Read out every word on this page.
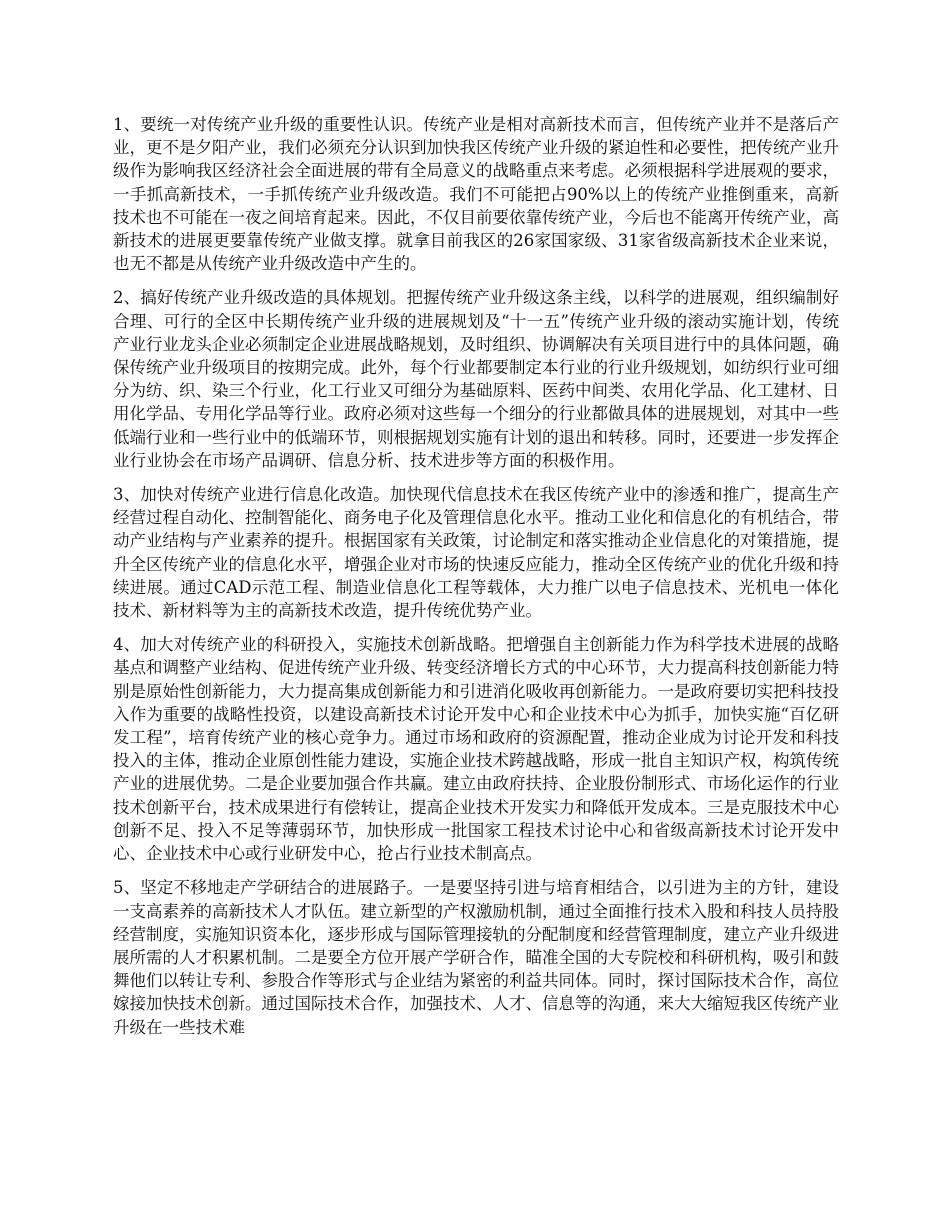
1、要统一对传统产业升级的重要性认识。传统产业是相对高新技术而言，但传统产业并不是落后产业，更不是夕阳产业，我们必须充分认识到加快我区传统产业升级的紧迫性和必要性，把传统产业升级作为影响我区经济社会全面进展的带有全局意义的战略重点来考虑。必须根据科学进展观的要求，一手抓高新技术，一手抓传统产业升级改造。我们不可能把占90%以上的传统产业推倒重来，高新技术也不可能在一夜之间培育起来。因此，不仅目前要依靠传统产业，今后也不能离开传统产业，高新技术的进展更要靠传统产业做支撑。就拿目前我区的26家国家级、31家省级高新技术企业来说，也无不都是从传统产业升级改造中产生的。

2、搞好传统产业升级改造的具体规划。把握传统产业升级这条主线，以科学的进展观，组织编制好合理、可行的全区中长期传统产业升级的进展规划及“十一五”传统产业升级的滚动实施计划，传统产业行业龙头企业必须制定企业进展战略规划，及时组织、协调解决有关项目进行中的具体问题，确保传统产业升级项目的按期完成。此外，每个行业都要制定本行业的行业升级规划，如纺织行业可细分为纺、织、染三个行业，化工行业又可细分为基础原料、医药中间类、农用化学品、化工建材、日用化学品、专用化学品等行业。政府必须对这些每一个细分的行业都做具体的进展规划，对其中一些低端行业和一些行业中的低端环节，则根据规划实施有计划的退出和转移。同时，还要进一步发挥企业行业协会在市场产品调研、信息分析、技术进步等方面的积极作用。

3、加快对传统产业进行信息化改造。加快现代信息技术在我区传统产业中的渗透和推广，提高生产经营过程自动化、控制智能化、商务电子化及管理信息化水平。推动工业化和信息化的有机结合，带动产业结构与产业素养的提升。根据国家有关政策，讨论制定和落实推动企业信息化的对策措施，提升全区传统产业的信息化水平，增强企业对市场的快速反应能力，推动全区传统产业的优化升级和持续进展。通过CAD示范工程、制造业信息化工程等载体，大力推广以电子信息技术、光机电一体化技术、新材料等为主的高新技术改造，提升传统优势产业。

4、加大对传统产业的科研投入，实施技术创新战略。把增强自主创新能力作为科学技术进展的战略基点和调整产业结构、促进传统产业升级、转变经济增长方式的中心环节，大力提高科技创新能力特别是原始性创新能力，大力提高集成创新能力和引进消化吸收再创新能力。一是政府要切实把科技投入作为重要的战略性投资，以建设高新技术讨论开发中心和企业技术中心为抓手，加快实施“百亿研发工程”，培育传统产业的核心竞争力。通过市场和政府的资源配置，推动企业成为讨论开发和科技投入的主体，推动企业原创性能力建设，实施企业技术跨越战略，形成一批自主知识产权，构筑传统产业的进展优势。二是企业要加强合作共赢。建立由政府扶持、企业股份制形式、市场化运作的行业技术创新平台，技术成果进行有偿转让，提高企业技术开发实力和降低开发成本。三是克服技术中心创新不足、投入不足等薄弱环节，加快形成一批国家工程技术讨论中心和省级高新技术讨论开发中心、企业技术中心或行业研发中心，抢占行业技术制高点。

5、坚定不移地走产学研结合的进展路子。一是要坚持引进与培育相结合，以引进为主的方针，建设一支高素养的高新技术人才队伍。建立新型的产权激励机制，通过全面推行技术入股和科技人员持股经营制度，实施知识资本化，逐步形成与国际管理接轨的分配制度和经营管理制度，建立产业升级进展所需的人才积累机制。二是要全方位开展产学研合作，瞄准全国的大专院校和科研机构，吸引和鼓舞他们以转让专利、参股合作等形式与企业结为紧密的利益共同体。同时，探讨国际技术合作，高位嫁接加快技术创新。通过国际技术合作，加强技术、人才、信息等的沟通，来大大缩短我区传统产业升级在一些技术难
